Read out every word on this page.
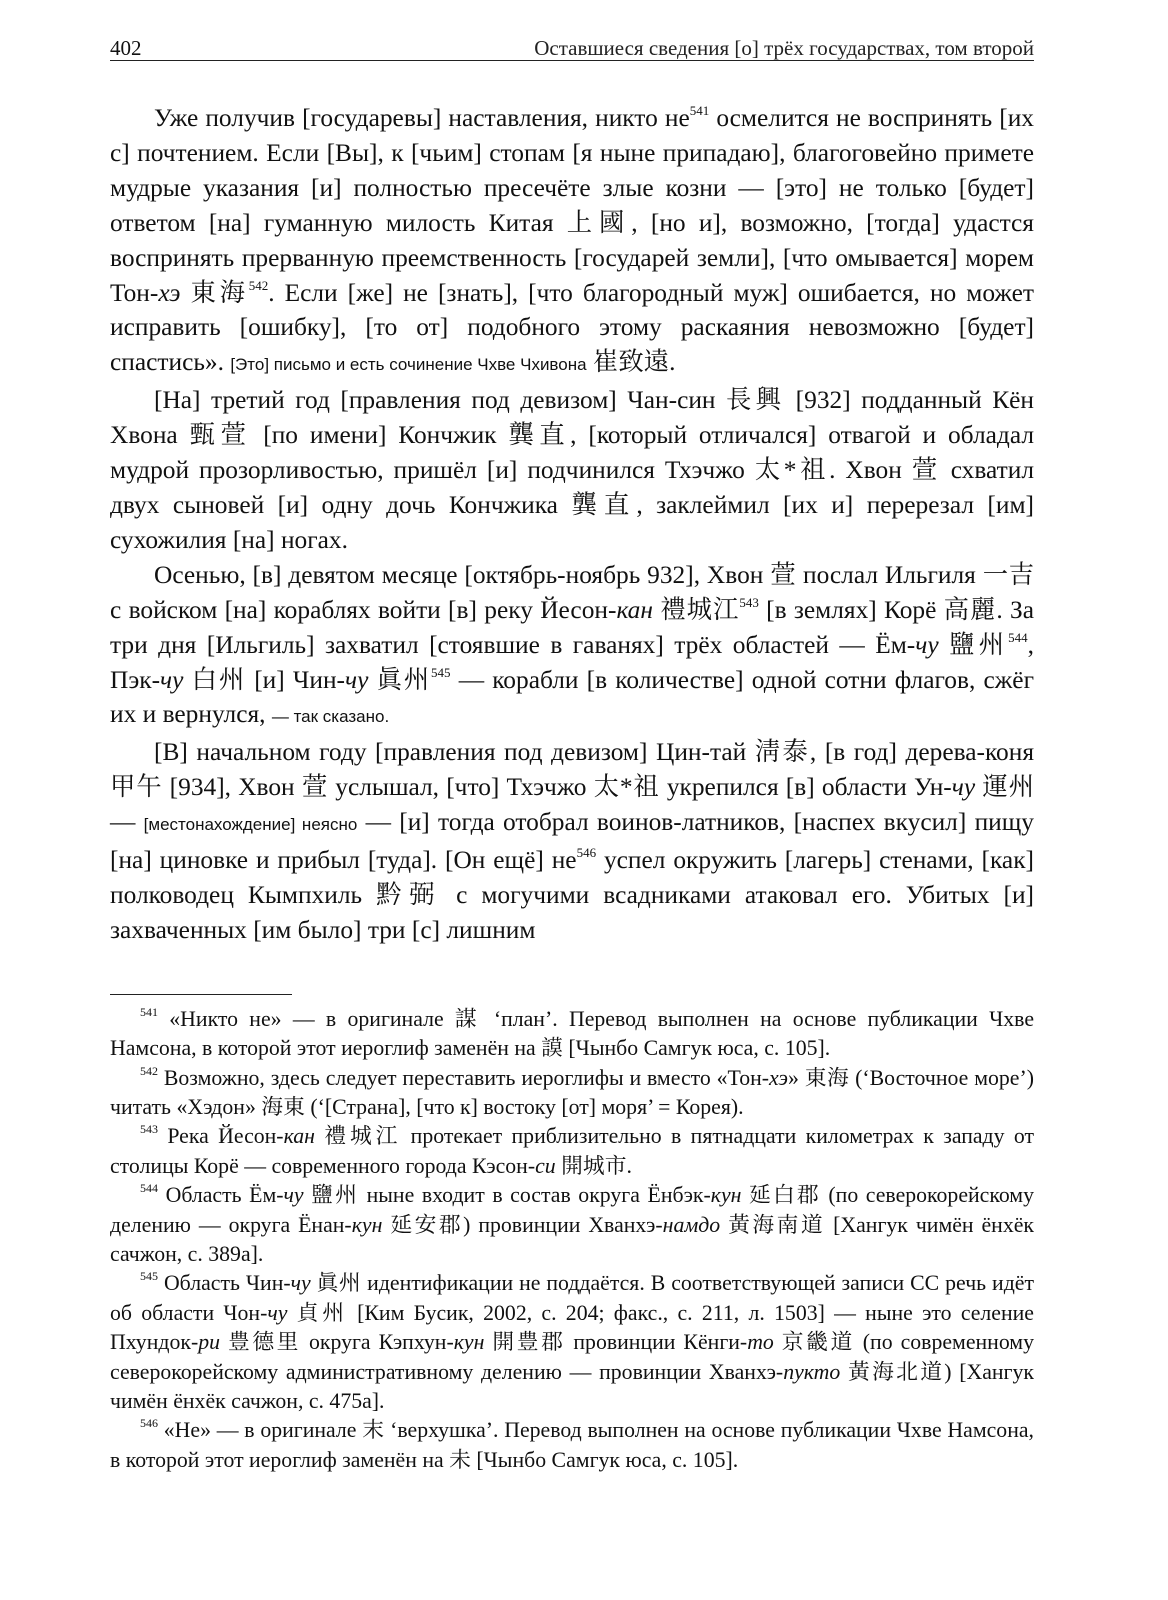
402	Оставшиеся сведения [о] трёх государствах, том второй

Уже получив [государевы] наставления, никто $не^{541}$ осмелится не воспринять [их с] почтением. Если [Вы], к [чьим] стопам [я ныне припадаю], благоговейно примете мудрые указания [и] полностью пресечёте злые козни — [это] не только [будет] ответом [на] гуманную милость Китая 上國, [но и], возможно, [тогда] удастся воспринять прерванную преемственность [государей земли], [что омывается] морем Тон-хэ 東海$^{542}$. Если [же] не [знать], [что благородный муж] ошибается, но может исправить [ошибку], [то от] подобного этому раскаяния невозможно [будет] спастись». [Это] письмо и есть сочинение Чхве Чхивона 崔致遠.

[На] третий год [правления под девизом] Чан-син 長興 [932] подданный Кён Хвона 甄萱 [по имени] Кончжик 龔直, [который отличался] отвагой и обладал мудрой прозорливостью, пришёл [и] подчинился Тхэчжо 太*祖. Хвон 萱 схватил двух сыновей [и] одну дочь Кончжика 龔直, заклеймил [их и] перерезал [им] сухожилия [на] ногах.

Осенью, [в] девятом месяце [октябрь-ноябрь 932], Хвон 萱 послал Ильгиля 一吉 с войском [на] кораблях войти [в] реку Йесон-кан 禮城江$^{543}$ [в землях] Корё 高麗. За три дня [Ильгиль] захватил [стоявшие в гаванях] трёх областей — Ём-чу 鹽州$^{544}$, Пэк-чу 白州 [и] Чин-чу 眞州$^{545}$ — корабли [в количестве] одной сотни флагов, сжёг их и вернулся, — так сказано.

[В] начальном году [правления под девизом] Цин-тай 淸泰, [в год] дерева-коня 甲午 [934], Хвон 萱 услышал, [что] Тхэчжо 太*祖 укрепился [в] области Ун-чу 運州 — [местонахождение] неясно — [и] тогда отобрал воинов-латников, [наспех вкусил] пищу [на] циновке и прибыл [туда]. [Он ещё] $не^{546}$ успел окружить [лагерь] стенами, [как] полководец Кымпхиль 黔弼 с могучими всадниками атаковал его. Убитых [и] захваченных [им было] три [с] лишним

$^{541}$ «Никто не» — в оригинале 謀 ‘план’. Перевод выполнен на основе публикации Чхве Намсона, в которой этот иероглиф заменён на 謨 [Чынбо Самгук юса, с. 105].

$^{542}$ Возможно, здесь следует переставить иероглифы и вместо «Тон-хэ» 東海 (‘Восточное море’) читать «Хэдон» 海東 (‘[Страна], [что к] востоку [от] моря’ = Корея).

$^{543}$ Река Йесон-кан 禮城江 протекает приблизительно в пятнадцати километрах к западу от столицы Корё — современного города Кэсон-си 開城市.

$^{544}$ Область Ём-чу 鹽州 ныне входит в состав округа Ёнбэк-кун 延白郡 (по северокорейскому делению — округа Ёнан-кун 延安郡) провинции Хванхэ-намдо 黃海南道 [Хангук чимён ёнхёк сачжон, с. 389а].

$^{545}$ Область Чин-чу 眞州 идентификации не поддаётся. В соответствующей записи СС речь идёт об области Чон-чу 貞州 [Ким Бусик, 2002, с. 204; факс., с. 211, л. 1503] — ныне это селение Пхундок-ри 豊德里 округа Кэпхун-кун 開豊郡 провинции Кёнги-то 京畿道 (по современному северокорейскому административному делению — провинции Хванхэ-пукто 黃海北道) [Хангук чимён ёнхёк сачжон, с. 475а].

$^{546}$ «Не» — в оригинале 末 ‘верхушка’. Перевод выполнен на основе публикации Чхве Намсона, в которой этот иероглиф заменён на 未 [Чынбо Самгук юса, с. 105].
